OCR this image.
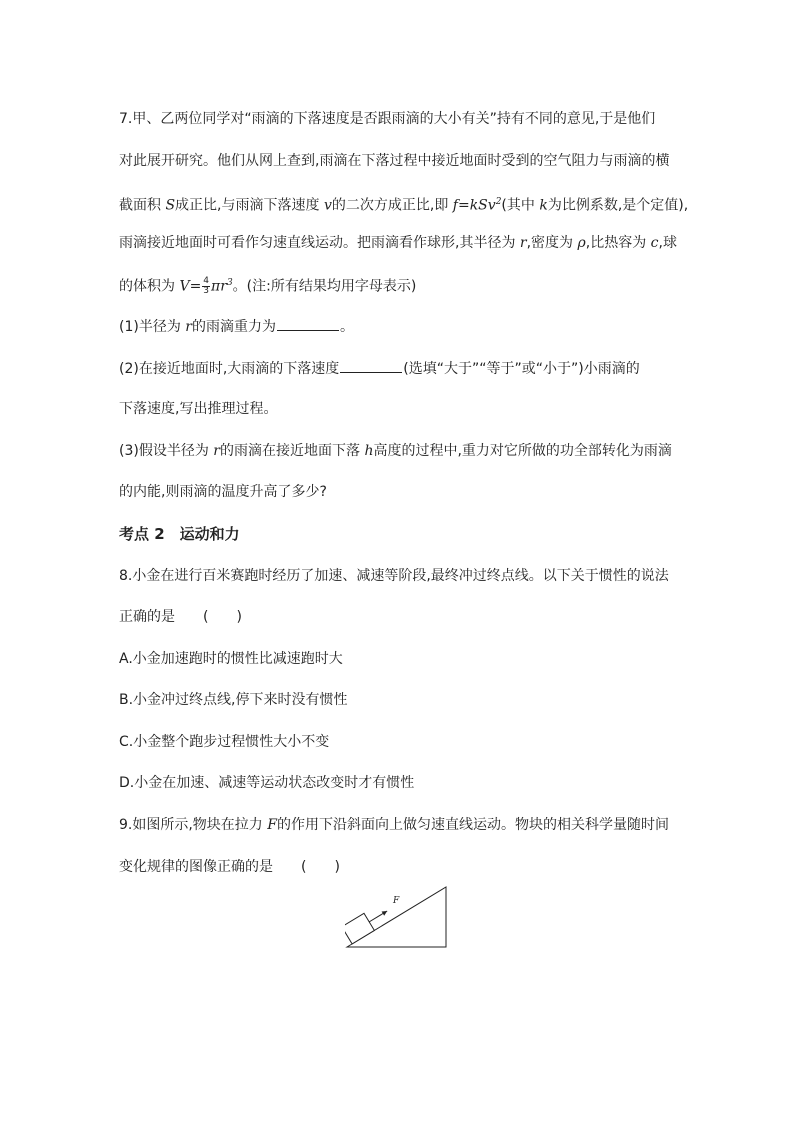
7.甲、乙两位同学对“雨滴的下落速度是否跟雨滴的大小有关”持有不同的意见,于是他们
对此展开研究。他们从网上查到,雨滴在下落过程中接近地面时受到的空气阻力与雨滴的横
截面积 S成正比,与雨滴下落速度 v的二次方成正比,即 f=kSv$^2$(其中 k为比例系数,是个定值),
雨滴接近地面时可看作匀速直线运动。把雨滴看作球形,其半径为 r,密度为 ρ,比热容为 c,球
的体积为 $V= \frac{4}{3} \pi r^3$。(注:所有结果均用字母表示)
(1)半径为 r的雨滴重力为	。
(2)在接近地面时,大雨滴的下落速度	(选填“大于”“等于”或“小于”)小雨滴的
下落速度,写出推理过程。
(3)假设半径为 r的雨滴在接近地面下落 h高度的过程中,重力对它所做的功全部转化为雨滴
的内能,则雨滴的温度升高了多少?
考点 2　运动和力
8.小金在进行百米赛跑时经历了加速、减速等阶段,最终冲过终点线。以下关于惯性的说法
正确的是　　(　　)
A.小金加速跑时的惯性比减速跑时大
B.小金冲过终点线,停下来时没有惯性
C.小金整个跑步过程惯性大小不变
D.小金在加速、减速等运动状态改变时才有惯性
9.如图所示,物块在拉力 F的作用下沿斜面向上做匀速直线运动。物块的相关科学量随时间
变化规律的图像正确的是　　(　　)
F
